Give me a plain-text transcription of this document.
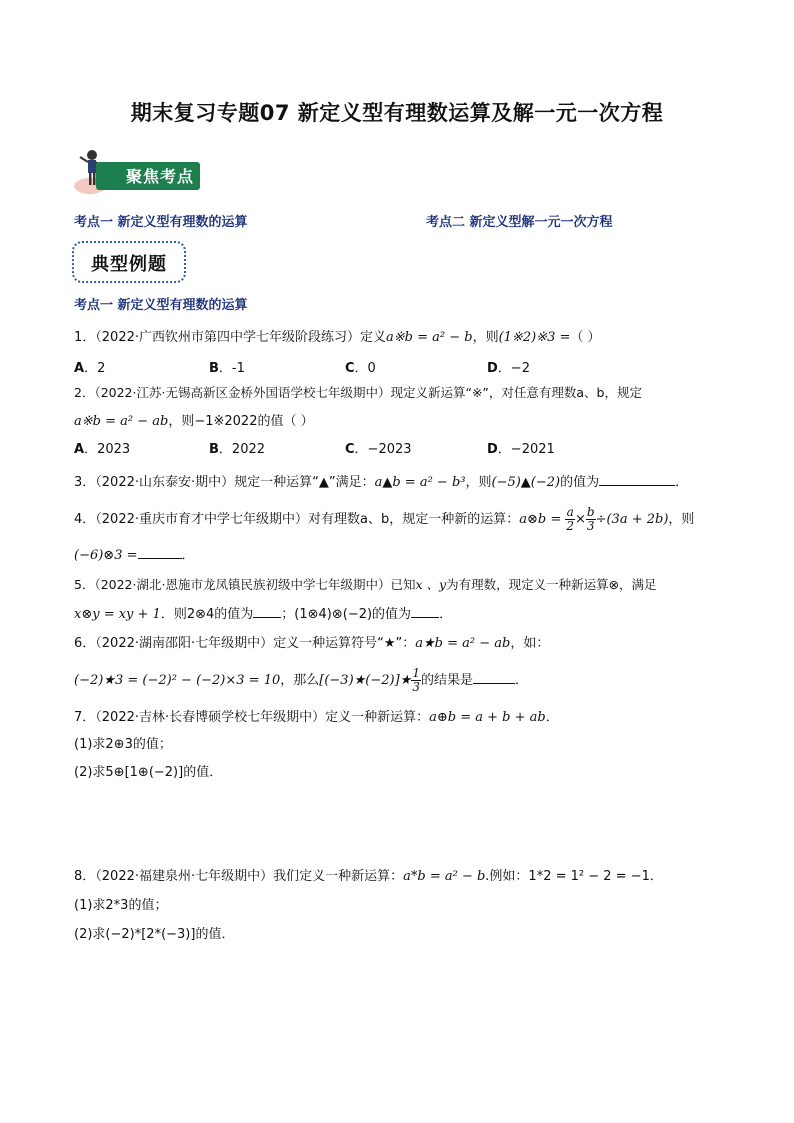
期末复习专题07 新定义型有理数运算及解一元一次方程
聚焦考点
考点一 新定义型有理数的运算	考点二 新定义型解一元一次方程
典型例题
考点一 新定义型有理数的运算
1．（2022·广西钦州市第四中学七年级阶段练习）定义a※b = a² − b，则(1※2)※3 =（ ）
A．2	B．-1	C．0	D．−2
2．（2022·江苏·无锡高新区金桥外国语学校七年级期中）现定义新运算“※”，对任意有理数a、b，规定
a※b = a² − ab，则−1※2022的值（ ）
A．2023	B．2022	C．−2023	D．−2021
3．（2022·山东泰安·期中）规定一种运算“▲”满足：a▲b = a² − b³，则(−5)▲(−2)的值为	．
4．（2022·重庆市育才中学七年级期中）对有理数a、b，规定一种新的运算：a⊗b = $\frac{a}{2} \times \frac{b}{3} \div(3a + 2b)$，则
(−6)⊗3 =	．
5．（2022·湖北·恩施市龙凤镇民族初级中学七年级期中）已知x 、y为有理数，现定义一种新运算⊗，满足
x⊗y = xy + 1．则2⊗4的值为 ；(1⊗4)⊗(−2)的值为 ．
6．（2022·湖南邵阳·七年级期中）定义一种运算符号“★”：a★b = a² − ab，如：
(−2)★3 = (−2)² − (−2)×3 = 10，那么[(−3)★(−2)]★ $\frac{1}{3}$ 的结果是	．
7．（2022·吉林·长春博硕学校七年级期中）定义一种新运算：a⊕b = a + b + ab．
(1)求2⊕3的值；
(2)求5⊕[1⊕(−2)]的值．
8．（2022·福建泉州·七年级期中）我们定义一种新运算：a*b = a² − b.例如：1*2 = 1² − 2 = −1．
(1)求2*3的值；
(2)求(−2)*[2*(−3)]的值．
